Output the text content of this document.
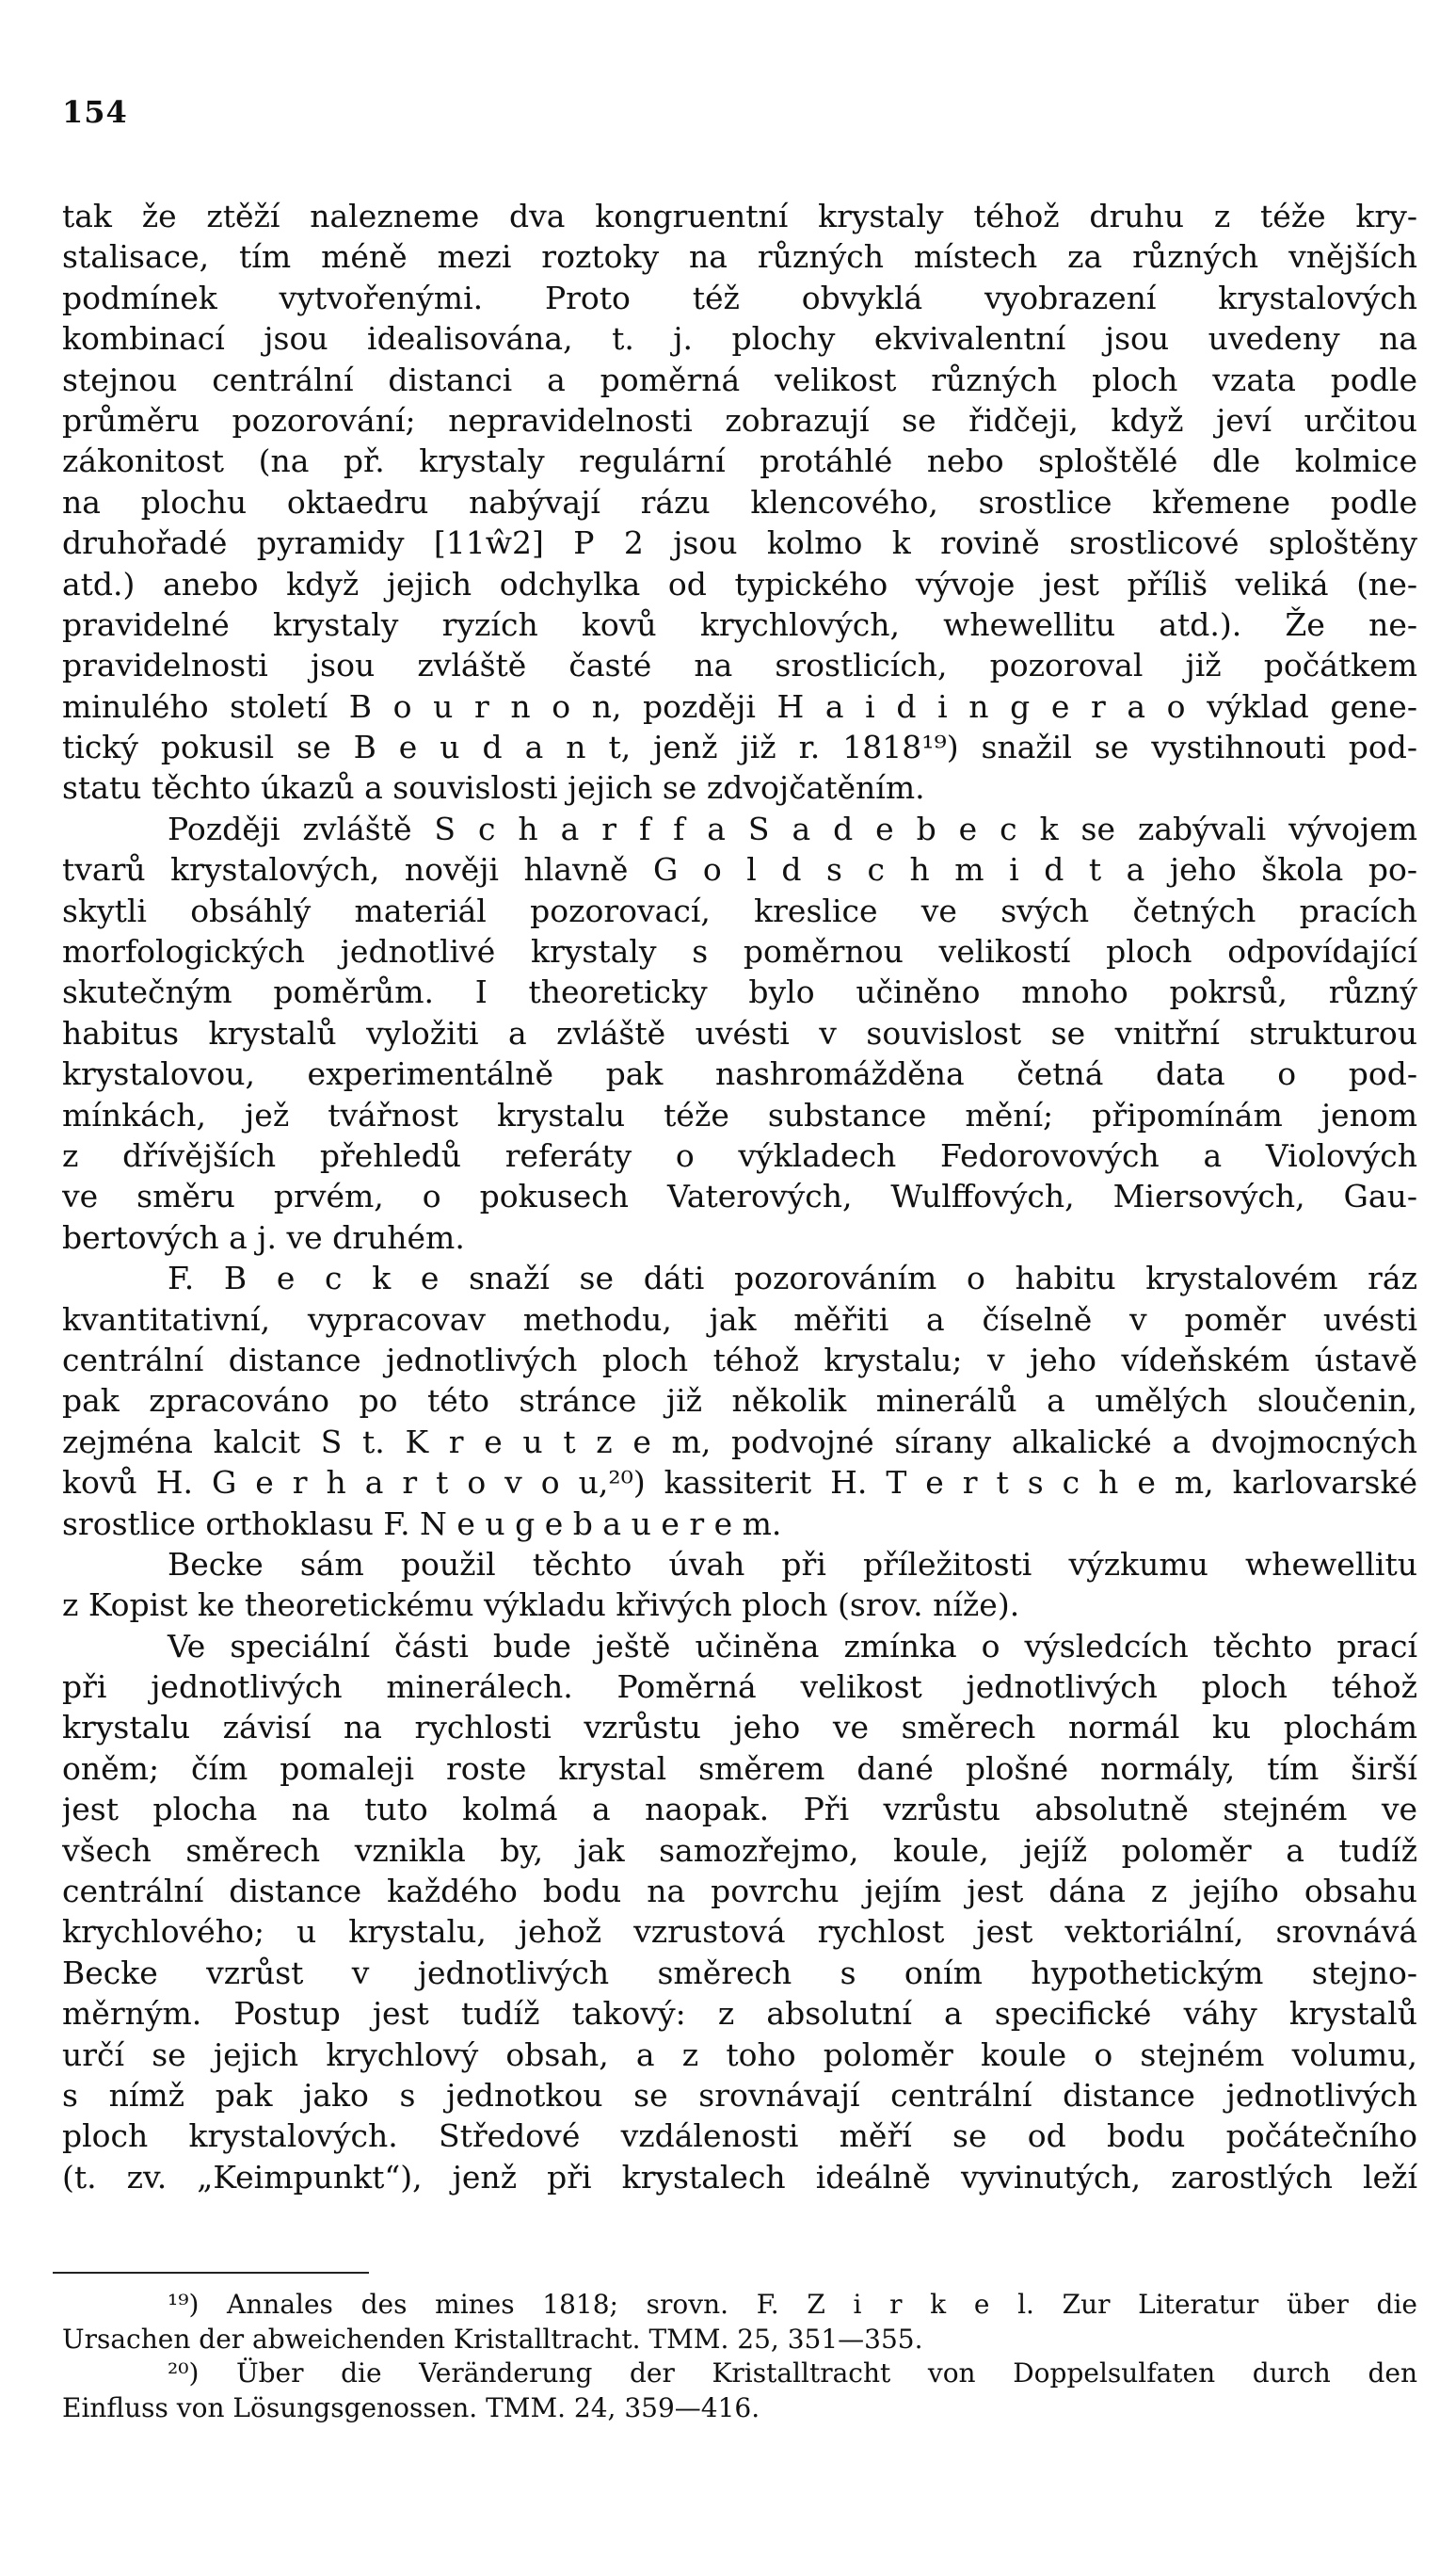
154
tak že ztěží nalezneme dva kongruentní krystaly téhož druhu z téže kry-
stalisace, tím méně mezi roztoky na různých místech za různých vnějších
podmínek vytvořenými. Proto též obvyklá vyobrazení krystalových
kombinací jsou idealisována, t. j. plochy ekvivalentní jsou uvedeny na
stejnou centrální distanci a poměrná velikost různých ploch vzata podle
průměru pozorování; nepravidelnosti zobrazují se řidčeji, když jeví určitou
zákonitost (na př. krystaly regulární protáhlé nebo sploštělé dle kolmice
na plochu oktaedru nabývají rázu klencového, srostlice křemene podle
druhořadé pyramidy [11ŵ2] P 2 jsou kolmo k rovině srostlicové sploštěny
atd.) anebo když jejich odchylka od typického vývoje jest příliš veliká (ne-
pravidelné krystaly ryzích kovů krychlových, whewellitu atd.). Že ne-
pravidelnosti jsou zvláště časté na srostlicích, pozoroval již počátkem
minulého století B o u r n o n, později H a i d i n g e r a o výklad gene-
tický pokusil se B e u d a n t, jenž již r. 1818¹⁹) snažil se vystihnouti pod-
statu těchto úkazů a souvislosti jejich se zdvojčatěním.
Později zvláště S c h a r f f a S a d e b e c k se zabývali vývojem
tvarů krystalových, nověji hlavně G o l d s c h m i d t a jeho škola po-
skytli obsáhlý materiál pozorovací, kreslice ve svých četných pracích
morfologických jednotlivé krystaly s poměrnou velikostí ploch odpovídající
skutečným poměrům. I theoreticky bylo učiněno mnoho pokrsů, různý
habitus krystalů vyložiti a zvláště uvésti v souvislost se vnitřní strukturou
krystalovou, experimentálně pak nashromážděna četná data o pod-
mínkách, jež tvářnost krystalu téže substance mění; připomínám jenom
z dřívějších přehledů referáty o výkladech Fedorovových a Violových
ve směru prvém, o pokusech Vaterových, Wulffových, Miersových, Gau-
bertových a j. ve druhém.
F. B e c k e snaží se dáti pozorováním o habitu krystalovém ráz
kvantitativní, vypracovav methodu, jak měřiti a číselně v poměr uvésti
centrální distance jednotlivých ploch téhož krystalu; v jeho vídeňském ústavě
pak zpracováno po této stránce již několik minerálů a umělých sloučenin,
zejména kalcit S t. K r e u t z e m, podvojné sírany alkalické a dvojmocných
kovů H. G e r h a r t o v o u,²⁰) kassiterit H. T e r t s c h e m, karlovarské
srostlice orthoklasu F. N e u g e b a u e r e m.
Becke sám použil těchto úvah při příležitosti výzkumu whewellitu
z Kopist ke theoretickému výkladu křivých ploch (srov. níže).
Ve speciální části bude ještě učiněna zmínka o výsledcích těchto prací
při jednotlivých minerálech. Poměrná velikost jednotlivých ploch téhož
krystalu závisí na rychlosti vzrůstu jeho ve směrech normál ku plochám
oněm; čím pomaleji roste krystal směrem dané plošné normály, tím širší
jest plocha na tuto kolmá a naopak. Při vzrůstu absolutně stejném ve
všech směrech vznikla by, jak samozřejmo, koule, jejíž poloměr a tudíž
centrální distance každého bodu na povrchu jejím jest dána z jejího obsahu
krychlového; u krystalu, jehož vzrustová rychlost jest vektoriální, srovnává
Becke vzrůst v jednotlivých směrech s oním hypothetickým stejno-
měrným. Postup jest tudíž takový: z absolutní a specifické váhy krystalů
určí se jejich krychlový obsah, a z toho poloměr koule o stejném volumu,
s nímž pak jako s jednotkou se srovnávají centrální distance jednotlivých
ploch krystalových. Středové vzdálenosti měří se od bodu počátečního
(t. zv. „Keimpunkt“), jenž při krystalech ideálně vyvinutých, zarostlých leží
¹⁹) Annales des mines 1818; srovn. F. Z i r k e l. Zur Literatur über die
Ursachen der abweichenden Kristalltracht. TMM. 25, 351—355.
²⁰) Über die Veränderung der Kristalltracht von Doppelsulfaten durch den
Einfluss von Lösungsgenossen. TMM. 24, 359—416.
